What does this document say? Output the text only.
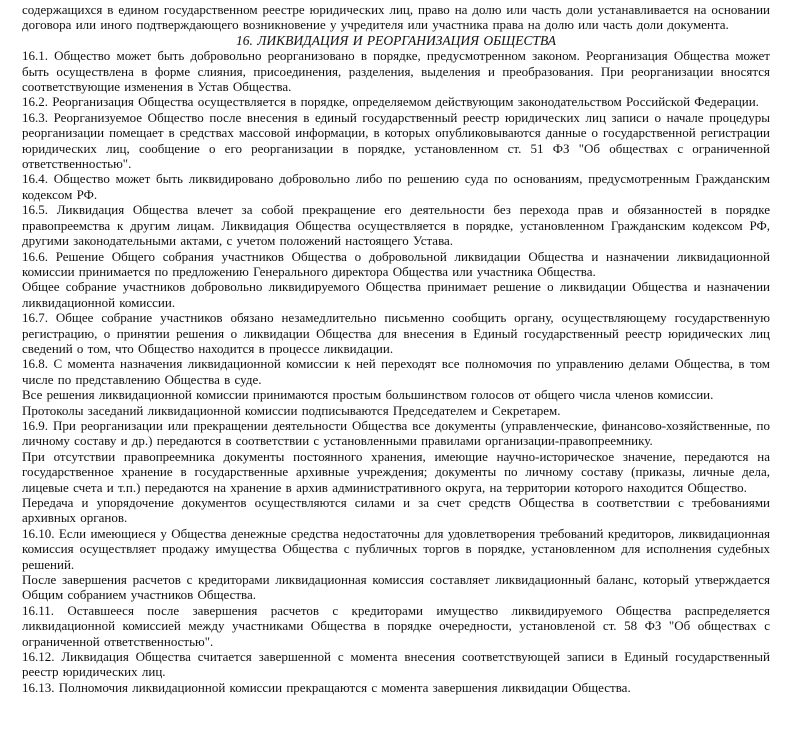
содержащихся в едином государственном реестре юридических лиц, право на долю или часть доли устанавливается на основании договора или иного подтверждающего возникновение у учредителя или участника права на долю или часть доли документа.

16. ЛИКВИДАЦИЯ И РЕОРГАНИЗАЦИЯ ОБЩЕСТВА

16.1. Общество может быть добровольно реорганизовано в порядке, предусмотренном законом. Реорганизация Общества может быть осуществлена в форме слияния, присоединения, разделения, выделения и преобразования. При реорганизации вносятся соответствующие изменения в Устав Общества.

16.2. Реорганизация Общества осуществляется в порядке, определяемом действующим законодательством Российской Федерации.

16.3. Реорганизуемое Общество после внесения в единый государственный реестр юридических лиц записи о начале процедуры реорганизации помещает в средствах массовой информации, в которых опубликовываются данные о государственной регистрации юридических лиц, сообщение о его реорганизации в порядке, установленном ст. 51 ФЗ "Об обществах с ограниченной ответственностью".

16.4. Общество может быть ликвидировано добровольно либо по решению суда по основаниям, предусмотренным Гражданским кодексом РФ.

16.5. Ликвидация Общества влечет за собой прекращение его деятельности без перехода прав и обязанностей в порядке правопреемства к другим лицам. Ликвидация Общества осуществляется в порядке, установленном Гражданским кодексом РФ, другими законодательными актами, с учетом положений настоящего Устава.

16.6. Решение Общего собрания участников Общества о добровольной ликвидации Общества и назначении ликвидационной комиссии принимается по предложению Генерального директора Общества или участника Общества.

Общее собрание участников добровольно ликвидируемого Общества принимает решение о ликвидации Общества и назначении ликвидационной комиссии.

16.7. Общее собрание участников обязано незамедлительно письменно сообщить органу, осуществляющему государственную регистрацию, о принятии решения о ликвидации Общества для внесения в Единый государственный реестр юридических лиц сведений о том, что Общество находится в процессе ликвидации.

16.8. С момента назначения ликвидационной комиссии к ней переходят все полномочия по управлению делами Общества, в том числе по представлению Общества в суде.

Все решения ликвидационной комиссии принимаются простым большинством голосов от общего числа членов комиссии.

Протоколы заседаний ликвидационной комиссии подписываются Председателем и Секретарем.

16.9. При реорганизации или прекращении деятельности Общества все документы (управленческие, финансово-хозяйственные, по личному составу и др.) передаются в соответствии с установленными правилами организации-правопреемнику.

При отсутствии правопреемника документы постоянного хранения, имеющие научно-историческое значение, передаются на государственное хранение в государственные архивные учреждения; документы по личному составу (приказы, личные дела, лицевые счета и т.п.) передаются на хранение в архив административного округа, на территории которого находится Общество.

Передача и упорядочение документов осуществляются силами и за счет средств Общества в соответствии с требованиями архивных органов.

16.10. Если имеющиеся у Общества денежные средства недостаточны для удовлетворения требований кредиторов, ликвидационная комиссия осуществляет продажу имущества Общества с публичных торгов в порядке, установленном для исполнения судебных решений.

После завершения расчетов с кредиторами ликвидационная комиссия составляет ликвидационный баланс, который утверждается Общим собранием участников Общества.

16.11. Оставшееся после завершения расчетов с кредиторами имущество ликвидируемого Общества распределяется ликвидационной комиссией между участниками Общества в порядке очередности, установленой ст. 58 ФЗ "Об обществах с ограниченной ответственностью".

16.12. Ликвидация Общества считается завершенной с момента внесения соответствующей записи в Единый государственный реестр юридических лиц.

16.13. Полномочия ликвидационной комиссии прекращаются с момента завершения ликвидации Общества.
